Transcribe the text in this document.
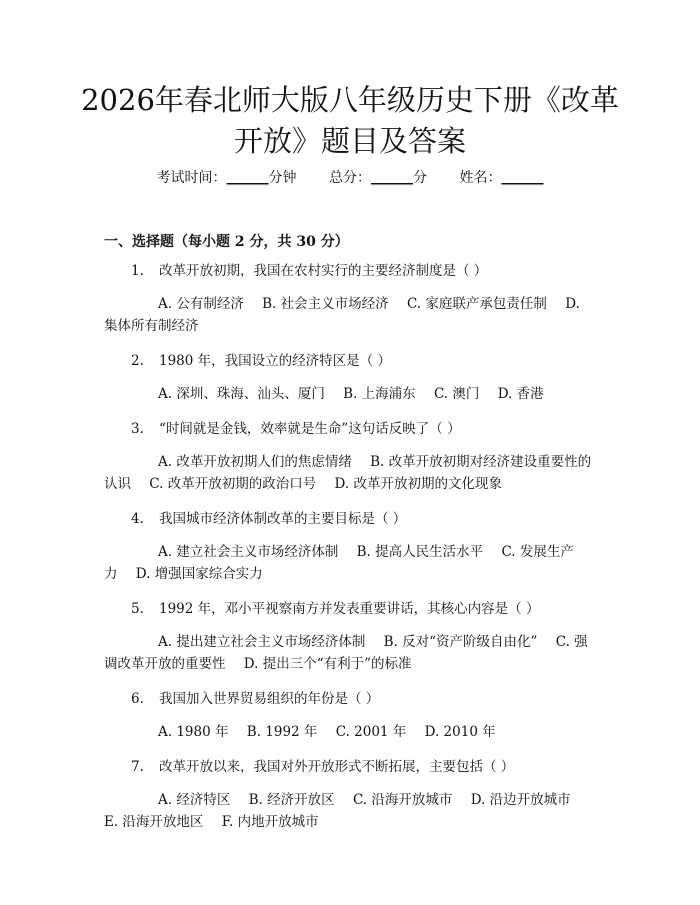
2026年春北师大版八年级历史下册《改革开放》题目及答案
考试时间：______分钟 总分：______分 姓名：______
一、选择题（每小题 2 分，共 30 分）
1.	改革开放初期，我国在农村实行的主要经济制度是（ ）
A. 公有制经济 B. 社会主义市场经济 C. 家庭联产承包责任制 D. 集体所有制经济
2.	1980 年，我国设立的经济特区是（ ）
A. 深圳、珠海、汕头、厦门 B. 上海浦东 C. 澳门 D. 香港
3.	“时间就是金钱，效率就是生命”这句话反映了（ ）
A. 改革开放初期人们的焦虑情绪 B. 改革开放初期对经济建设重要性的认识 C. 改革开放初期的政治口号 D. 改革开放初期的文化现象
4.	我国城市经济体制改革的主要目标是（ ）
A. 建立社会主义市场经济体制 B. 提高人民生活水平 C. 发展生产力 D. 增强国家综合实力
5.	1992 年，邓小平视察南方并发表重要讲话，其核心内容是（ ）
A. 提出建立社会主义市场经济体制 B. 反对“资产阶级自由化” C. 强调改革开放的重要性 D. 提出三个“有利于”的标准
6.	我国加入世界贸易组织的年份是（ ）
A. 1980 年 B. 1992 年 C. 2001 年 D. 2010 年
7.	改革开放以来，我国对外开放形式不断拓展，主要包括（ ）
A. 经济特区 B. 经济开放区 C. 沿海开放城市 D. 沿边开放城市 E. 沿海开放地区 F. 内地开放城市
